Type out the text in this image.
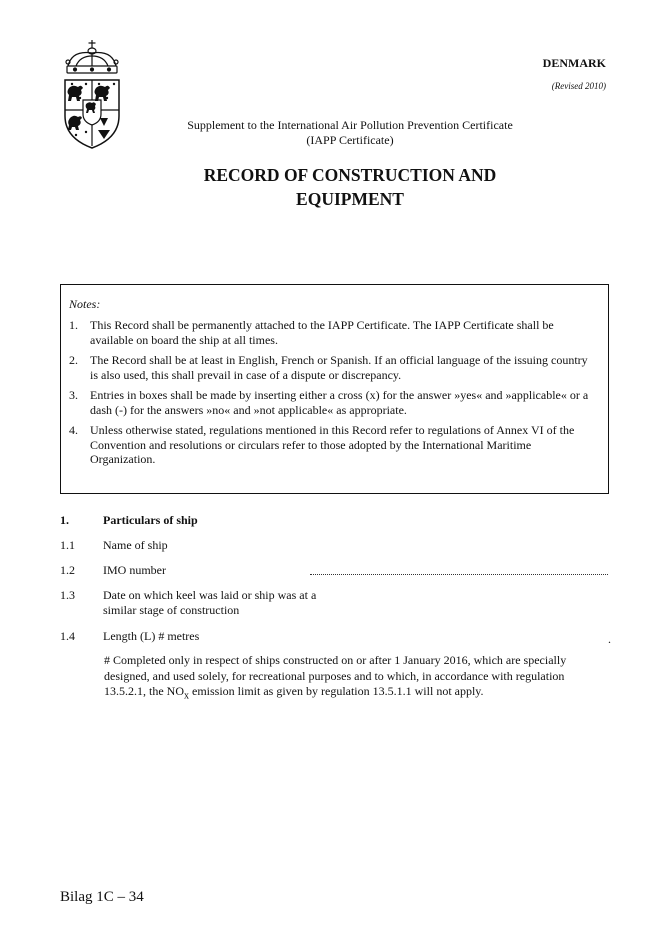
DENMARK
(Revised 2010)
Supplement to the International Air Pollution Prevention Certificate
(IAPP Certificate)
RECORD OF CONSTRUCTION AND
EQUIPMENT
Notes:
1.	This Record shall be permanently attached to the IAPP Certificate. The IAPP Certificate shall be available on board the ship at all times.
2.	The Record shall be at least in English, French or Spanish. If an official language of the issuing country is also used, this shall prevail in case of a dispute or discrepancy.
3.	Entries in boxes shall be made by inserting either a cross (x) for the answer »yes« and »applicable« or a dash (-) for the answers »no« and »not applicable« as appropriate.
4.	Unless otherwise stated, regulations mentioned in this Record refer to regulations of Annex VI of the Convention and resolutions or circulars refer to those adopted by the International Maritime Organization.
1.	Particulars of ship
1.1 Name of ship
1.2 IMO number
1.3 Date on which keel was laid or ship was at a
similar stage of construction
1.4 Length (L) # metres	.
# Completed only in respect of ships constructed on or after 1 January 2016, which are specially designed, and used solely, for recreational purposes and to which, in accordance with regulation 13.5.2.1, the $NO_x$ emission limit as given by regulation 13.5.1.1 will not apply.
Bilag 1C – 34
